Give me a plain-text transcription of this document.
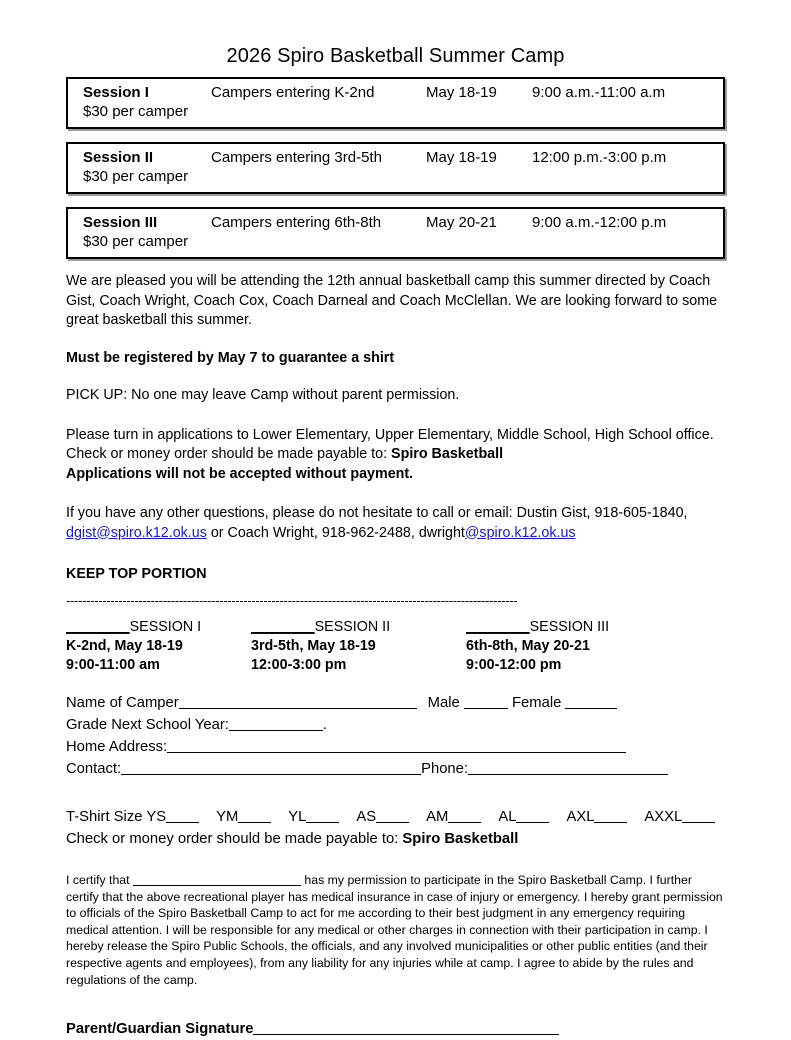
2026 Spiro Basketball Summer Camp
Session I	Campers entering K-2nd	May 18-19 9:00 a.m.-11:00 a.m
$30 per camper
Session II	Campers entering 3rd-5th	May 18-19 12:00 p.m.-3:00 p.m
$30 per camper
Session III	Campers entering 6th-8th	May 20-21 9:00 a.m.-12:00 p.m
$30 per camper

We are pleased you will be attending the 12th annual basketball camp this summer directed by Coach Gist, Coach Wright, Coach Cox, Coach Darneal and Coach McClellan. We are looking forward to some great basketball this summer.

Must be registered by May 7 to guarantee a shirt

PICK UP: No one may leave Camp without parent permission.

Please turn in applications to Lower Elementary, Upper Elementary, Middle School, High School office.

Check or money order should be made payable to: Spiro Basketball

Applications will not be accepted without payment.

If you have any other questions, please do not hesitate to call or email: Dustin Gist, 918-605-1840,

dgist@spiro.k12.ok.us or Coach Wright, 918-962-2488, dwright@spiro.k12.ok.us

KEEP TOP PORTION
----------------------------------------------------------------------------------------------------------------
________SESSION I
K-2nd, May 18-19
9:00-11:00 am
________SESSION II
3rd-5th, May 18-19
12:00-3:00 pm
________SESSION III
6th-8th, May 20-21
9:00-12:00 pm
Name of Camper	Male	Female
Grade Next School Year:	.
Home Address:
Contact:	Phone:
T-Shirt Size YS	YM	YL	AS	AM	AL	AXL	AXXL
Check or money order should be made payable to: Spiro Basketball

I certify that	has my permission to participate in the Spiro Basketball Camp. I further certify that the above recreational player has medical insurance in case of injury or emergency. I hereby grant permission to officials of the Spiro Basketball Camp to act for me according to their best judgment in any emergency requiring medical attention. I will be responsible for any medical or other charges in connection with their participation in camp. I hereby release the Spiro Public Schools, the officials, and any involved municipalities or other public entities (and their respective agents and employees), from any liability for any injuries while at camp. I agree to abide by the rules and regulations of the camp.

Parent/Guardian Signature
